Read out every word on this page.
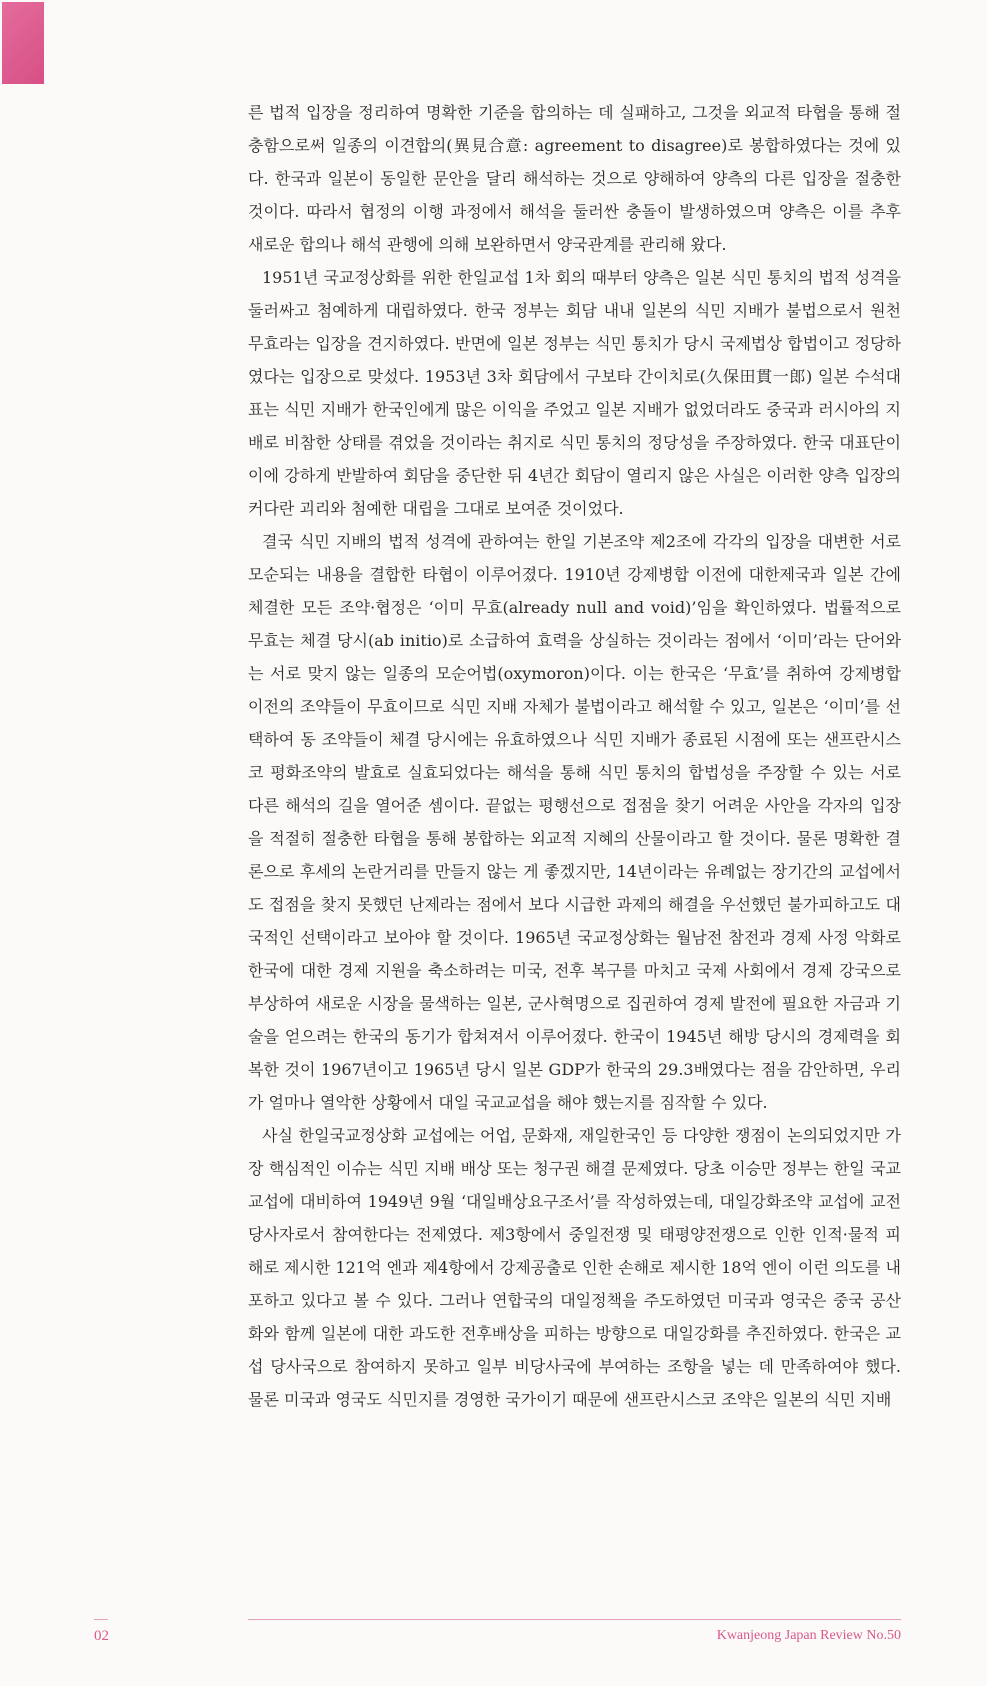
른 법적 입장을 정리하여 명확한 기준을 합의하는 데 실패하고, 그것을 외교적 타협을 통해 절충함으로써 일종의 이견합의(異見合意: agreement to disagree)로 봉합하였다는 것에 있다. 한국과 일본이 동일한 문안을 달리 해석하는 것으로 양해하여 양측의 다른 입장을 절충한 것이다. 따라서 협정의 이행 과정에서 해석을 둘러싼 충돌이 발생하였으며 양측은 이를 추후 새로운 합의나 해석 관행에 의해 보완하면서 양국관계를 관리해 왔다.

1951년 국교정상화를 위한 한일교섭 1차 회의 때부터 양측은 일본 식민 통치의 법적 성격을 둘러싸고 첨예하게 대립하였다. 한국 정부는 회담 내내 일본의 식민 지배가 불법으로서 원천 무효라는 입장을 견지하였다. 반면에 일본 정부는 식민 통치가 당시 국제법상 합법이고 정당하였다는 입장으로 맞섰다. 1953년 3차 회담에서 구보타 간이치로(久保田貫一郎) 일본 수석대표는 식민 지배가 한국인에게 많은 이익을 주었고 일본 지배가 없었더라도 중국과 러시아의 지배로 비참한 상태를 겪었을 것이라는 취지로 식민 통치의 정당성을 주장하였다. 한국 대표단이 이에 강하게 반발하여 회담을 중단한 뒤 4년간 회담이 열리지 않은 사실은 이러한 양측 입장의 커다란 괴리와 첨예한 대립을 그대로 보여준 것이었다.

결국 식민 지배의 법적 성격에 관하여는 한일 기본조약 제2조에 각각의 입장을 대변한 서로 모순되는 내용을 결합한 타협이 이루어졌다. 1910년 강제병합 이전에 대한제국과 일본 간에 체결한 모든 조약·협정은 ‘이미 무효(already null and void)’임을 확인하였다. 법률적으로 무효는 체결 당시(ab initio)로 소급하여 효력을 상실하는 것이라는 점에서 ‘이미’라는 단어와는 서로 맞지 않는 일종의 모순어법(oxymoron)이다. 이는 한국은 ‘무효’를 취하여 강제병합 이전의 조약들이 무효이므로 식민 지배 자체가 불법이라고 해석할 수 있고, 일본은 ‘이미’를 선택하여 동 조약들이 체결 당시에는 유효하였으나 식민 지배가 종료된 시점에 또는 샌프란시스코 평화조약의 발효로 실효되었다는 해석을 통해 식민 통치의 합법성을 주장할 수 있는 서로 다른 해석의 길을 열어준 셈이다. 끝없는 평행선으로 접점을 찾기 어려운 사안을 각자의 입장을 적절히 절충한 타협을 통해 봉합하는 외교적 지혜의 산물이라고 할 것이다. 물론 명확한 결론으로 후세의 논란거리를 만들지 않는 게 좋겠지만, 14년이라는 유례없는 장기간의 교섭에서도 접점을 찾지 못했던 난제라는 점에서 보다 시급한 과제의 해결을 우선했던 불가피하고도 대국적인 선택이라고 보아야 할 것이다. 1965년 국교정상화는 월남전 참전과 경제 사정 악화로 한국에 대한 경제 지원을 축소하려는 미국, 전후 복구를 마치고 국제 사회에서 경제 강국으로 부상하여 새로운 시장을 물색하는 일본, 군사혁명으로 집권하여 경제 발전에 필요한 자금과 기술을 얻으려는 한국의 동기가 합쳐져서 이루어졌다. 한국이 1945년 해방 당시의 경제력을 회복한 것이 1967년이고 1965년 당시 일본 GDP가 한국의 29.3배였다는 점을 감안하면, 우리가 얼마나 열악한 상황에서 대일 국교교섭을 해야 했는지를 짐작할 수 있다.

사실 한일국교정상화 교섭에는 어업, 문화재, 재일한국인 등 다양한 쟁점이 논의되었지만 가장 핵심적인 이슈는 식민 지배 배상 또는 청구권 해결 문제였다. 당초 이승만 정부는 한일 국교교섭에 대비하여 1949년 9월 ‘대일배상요구조서’를 작성하였는데, 대일강화조약 교섭에 교전 당사자로서 참여한다는 전제였다. 제3항에서 중일전쟁 및 태평양전쟁으로 인한 인적·물적 피해로 제시한 121억 엔과 제4항에서 강제공출로 인한 손해로 제시한 18억 엔이 이런 의도를 내포하고 있다고 볼 수 있다. 그러나 연합국의 대일정책을 주도하였던 미국과 영국은 중국 공산화와 함께 일본에 대한 과도한 전후배상을 피하는 방향으로 대일강화를 추진하였다. 한국은 교섭 당사국으로 참여하지 못하고 일부 비당사국에 부여하는 조항을 넣는 데 만족하여야 했다. 물론 미국과 영국도 식민지를 경영한 국가이기 때문에 샌프란시스코 조약은 일본의 식민 지배

02	Kwanjeong Japan Review No.50
